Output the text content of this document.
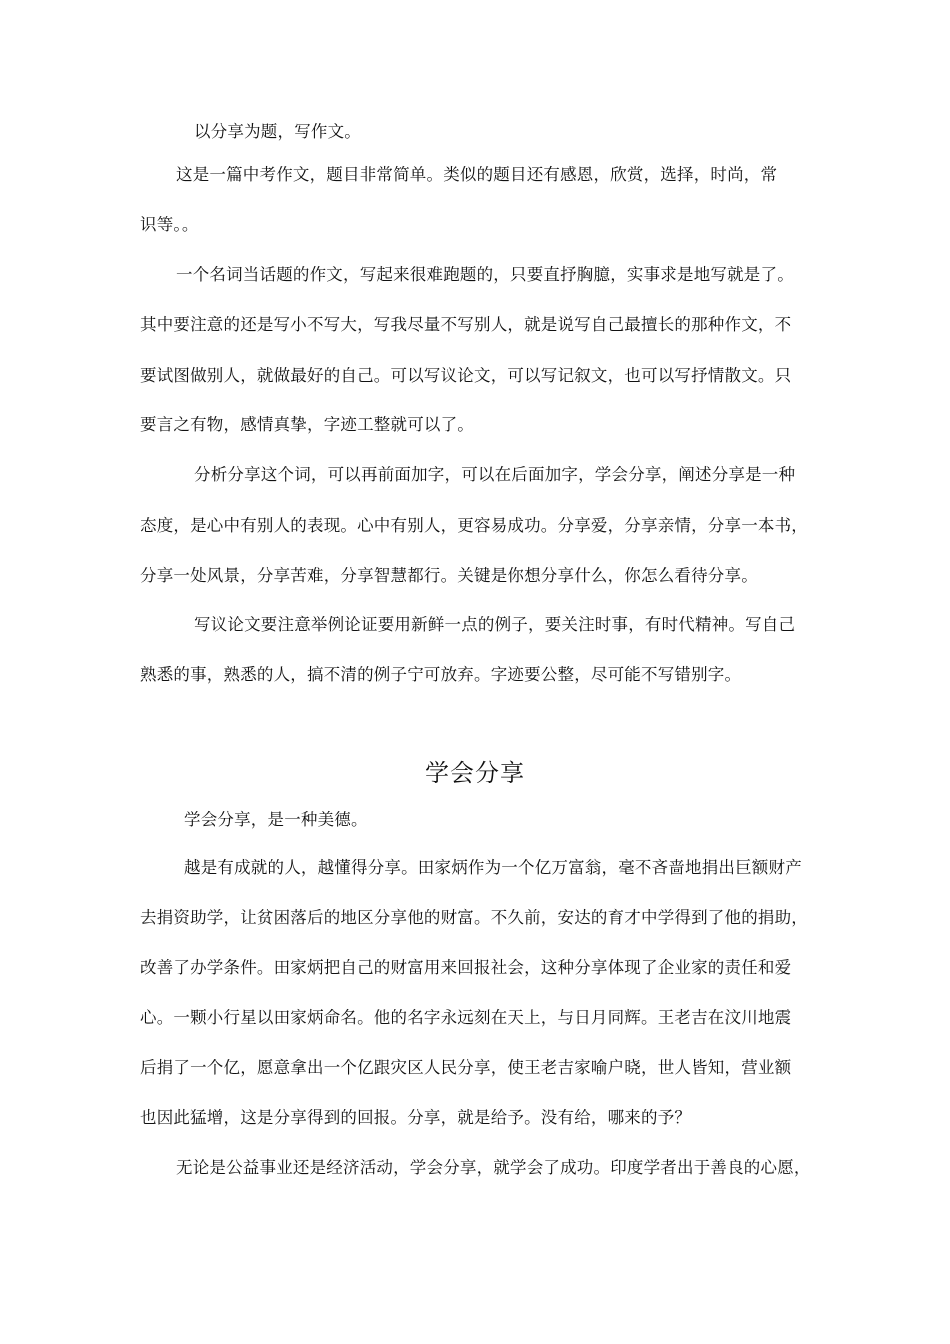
以分享为题，写作文。
这是一篇中考作文，题目非常简单。类似的题目还有感恩，欣赏，选择，时尚，常
识等。。
一个名词当话题的作文，写起来很难跑题的，只要直抒胸臆，实事求是地写就是了。
其中要注意的还是写小不写大，写我尽量不写别人，就是说写自己最擅长的那种作文，不
要试图做别人，就做最好的自己。可以写议论文，可以写记叙文，也可以写抒情散文。只
要言之有物，感情真挚，字迹工整就可以了。
分析分享这个词，可以再前面加字，可以在后面加字，学会分享，阐述分享是一种
态度，是心中有别人的表现。心中有别人，更容易成功。分享爱，分享亲情，分享一本书，
分享一处风景，分享苦难，分享智慧都行。关键是你想分享什么，你怎么看待分享。
写议论文要注意举例论证要用新鲜一点的例子，要关注时事，有时代精神。写自己
熟悉的事，熟悉的人，搞不清的例子宁可放弃。字迹要公整，尽可能不写错别字。
学会分享
学会分享，是一种美德。
越是有成就的人，越懂得分享。田家炳作为一个亿万富翁，毫不吝啬地捐出巨额财产
去捐资助学，让贫困落后的地区分享他的财富。不久前，安达的育才中学得到了他的捐助，
改善了办学条件。田家炳把自己的财富用来回报社会，这种分享体现了企业家的责任和爱
心。一颗小行星以田家炳命名。他的名字永远刻在天上，与日月同辉。王老吉在汶川地震
后捐了一个亿，愿意拿出一个亿跟灾区人民分享，使王老吉家喻户晓，世人皆知，营业额
也因此猛增，这是分享得到的回报。分享，就是给予。没有给，哪来的予？
无论是公益事业还是经济活动，学会分享，就学会了成功。印度学者出于善良的心愿，
